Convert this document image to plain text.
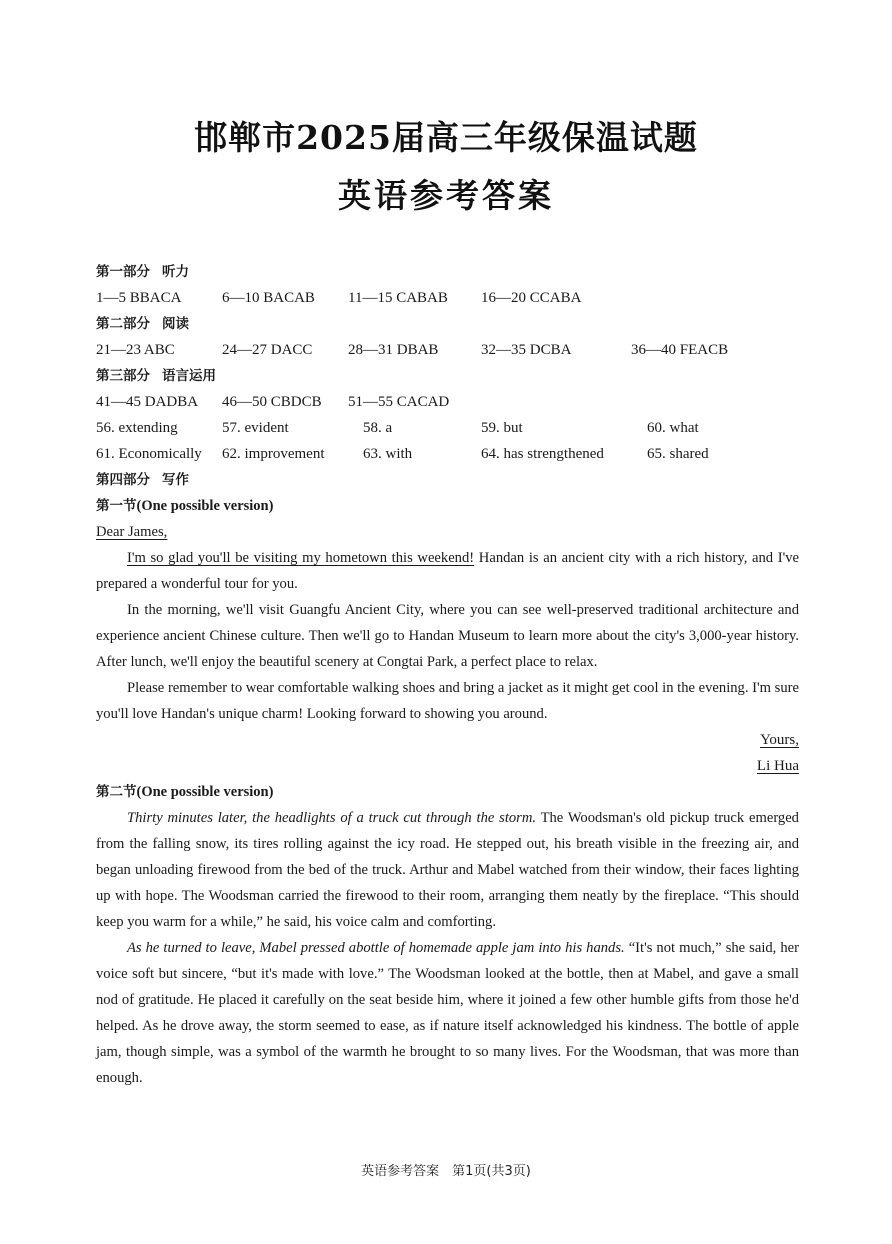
邯郸市2025届高三年级保温试题
英语参考答案
第一部分 听力
1—5 BBACA	6—10 BACAB 11—15 CABAB 16—20 CCABA
第二部分 阅读
21—23 ABC	24—27 DACC 28—31 DBAB	32—35 DCBA	36—40 FEACB
第三部分 语言运用
41—45 DADBA 46—50 CBDCB 51—55 CACAD
56. extending	57. evident	58. a	59. but	60. what
61. Economically 62. improvement	63. with	64. has strengthened	65. shared
第四部分 写作
第一节(One possible version)
Dear James,
I'm so glad you'll be visiting my hometown this weekend! Handan is an ancient city with a rich history, and I've prepared a wonderful tour for you.
In the morning, we'll visit Guangfu Ancient City, where you can see well-preserved traditional architecture and experience ancient Chinese culture. Then we'll go to Handan Museum to learn more about the city's 3,000-year history. After lunch, we'll enjoy the beautiful scenery at Congtai Park, a perfect place to relax.
Please remember to wear comfortable walking shoes and bring a jacket as it might get cool in the evening. I'm sure you'll love Handan's unique charm! Looking forward to showing you around.
Yours,
Li Hua
第二节(One possible version)
Thirty minutes later, the headlights of a truck cut through the storm. The Woodsman's old pickup truck emerged from the falling snow, its tires rolling against the icy road. He stepped out, his breath visible in the freezing air, and began unloading firewood from the bed of the truck. Arthur and Mabel watched from their window, their faces lighting up with hope. The Woodsman carried the firewood to their room, arranging them neatly by the fireplace. “This should keep you warm for a while,” he said, his voice calm and comforting.
As he turned to leave, Mabel pressed abottle of homemade apple jam into his hands. “It's not much,” she said, her voice soft but sincere, “but it's made with love.” The Woodsman looked at the bottle, then at Mabel, and gave a small nod of gratitude. He placed it carefully on the seat beside him, where it joined a few other humble gifts from those he'd helped. As he drove away, the storm seemed to ease, as if nature itself acknowledged his kindness. The bottle of apple jam, though simple, was a symbol of the warmth he brought to so many lives. For the Woodsman, that was more than enough.
英语参考答案　第1页(共3页)
